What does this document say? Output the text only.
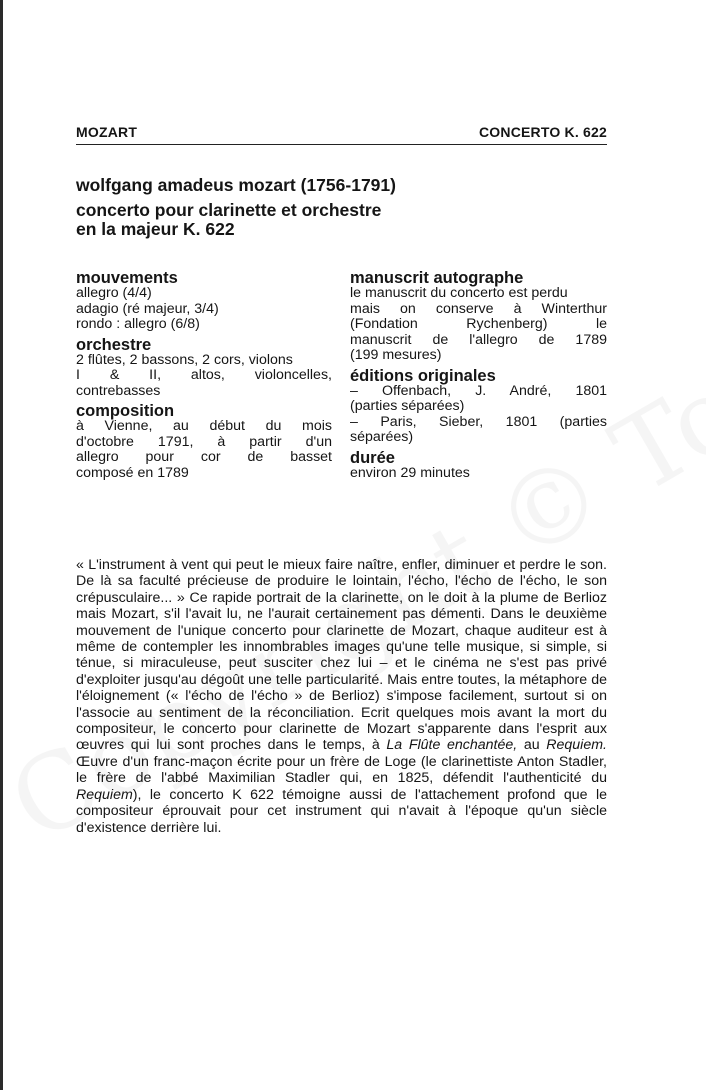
MOZART	CONCERTO K. 622
wolfgang amadeus mozart (1756-1791)
concerto pour clarinette et orchestre
en la majeur K. 622
mouvements
allegro (4/4)
adagio (ré majeur, 3/4)
rondo : allegro (6/8)
orchestre
2 flûtes, 2 bassons, 2 cors, violons
I & II, altos, violoncelles,
contrebasses
composition
à Vienne, au début du mois
d'octobre 1791, à partir d'un
allegro pour cor de basset
composé en 1789
manuscrit autographe
le manuscrit du concerto est perdu
mais on conserve à Winterthur
(Fondation Rychenberg) le
manuscrit de l'allegro de 1789
(199 mesures)
éditions originales
– Offenbach, J. André, 1801
(parties séparées)
– Paris, Sieber, 1801 (parties
séparées)
durée
environ 29 minutes
« L'instrument à vent qui peut le mieux faire naître, enfler, diminuer et perdre le son. De là sa faculté précieuse de produire le lointain, l'écho, l'écho de l'écho, le son crépusculaire... » Ce rapide portrait de la clarinette, on le doit à la plume de Berlioz mais Mozart, s'il l'avait lu, ne l'aurait certainement pas démenti. Dans le deuxième mouvement de l'unique concerto pour clarinette de Mozart, chaque auditeur est à même de contempler les innombrables images qu'une telle musique, si simple, si ténue, si miraculeuse, peut susciter chez lui – et le cinéma ne s'est pas privé d'exploiter jusqu'au dégoût une telle particularité. Mais entre toutes, la métaphore de l'éloignement (« l'écho de l'écho » de Berlioz) s'impose facilement, surtout si on l'associe au sentiment de la réconciliation. Ecrit quelques mois avant la mort du compositeur, le concerto pour clarinette de Mozart s'apparente dans l'esprit aux œuvres qui lui sont proches dans le temps, à La Flûte enchantée, au Requiem. Œuvre d'un franc-maçon écrite pour un frère de Loge (le clarinettiste Anton Stadler, le frère de l'abbé Maximilian Stadler qui, en 1825, défendit l'authenticité du Requiem), le concerto K 622 témoigne aussi de l'attachement profond que le compositeur éprouvait pour cet instrument qui n'avait à l'époque qu'un siècle d'existence derrière lui.
